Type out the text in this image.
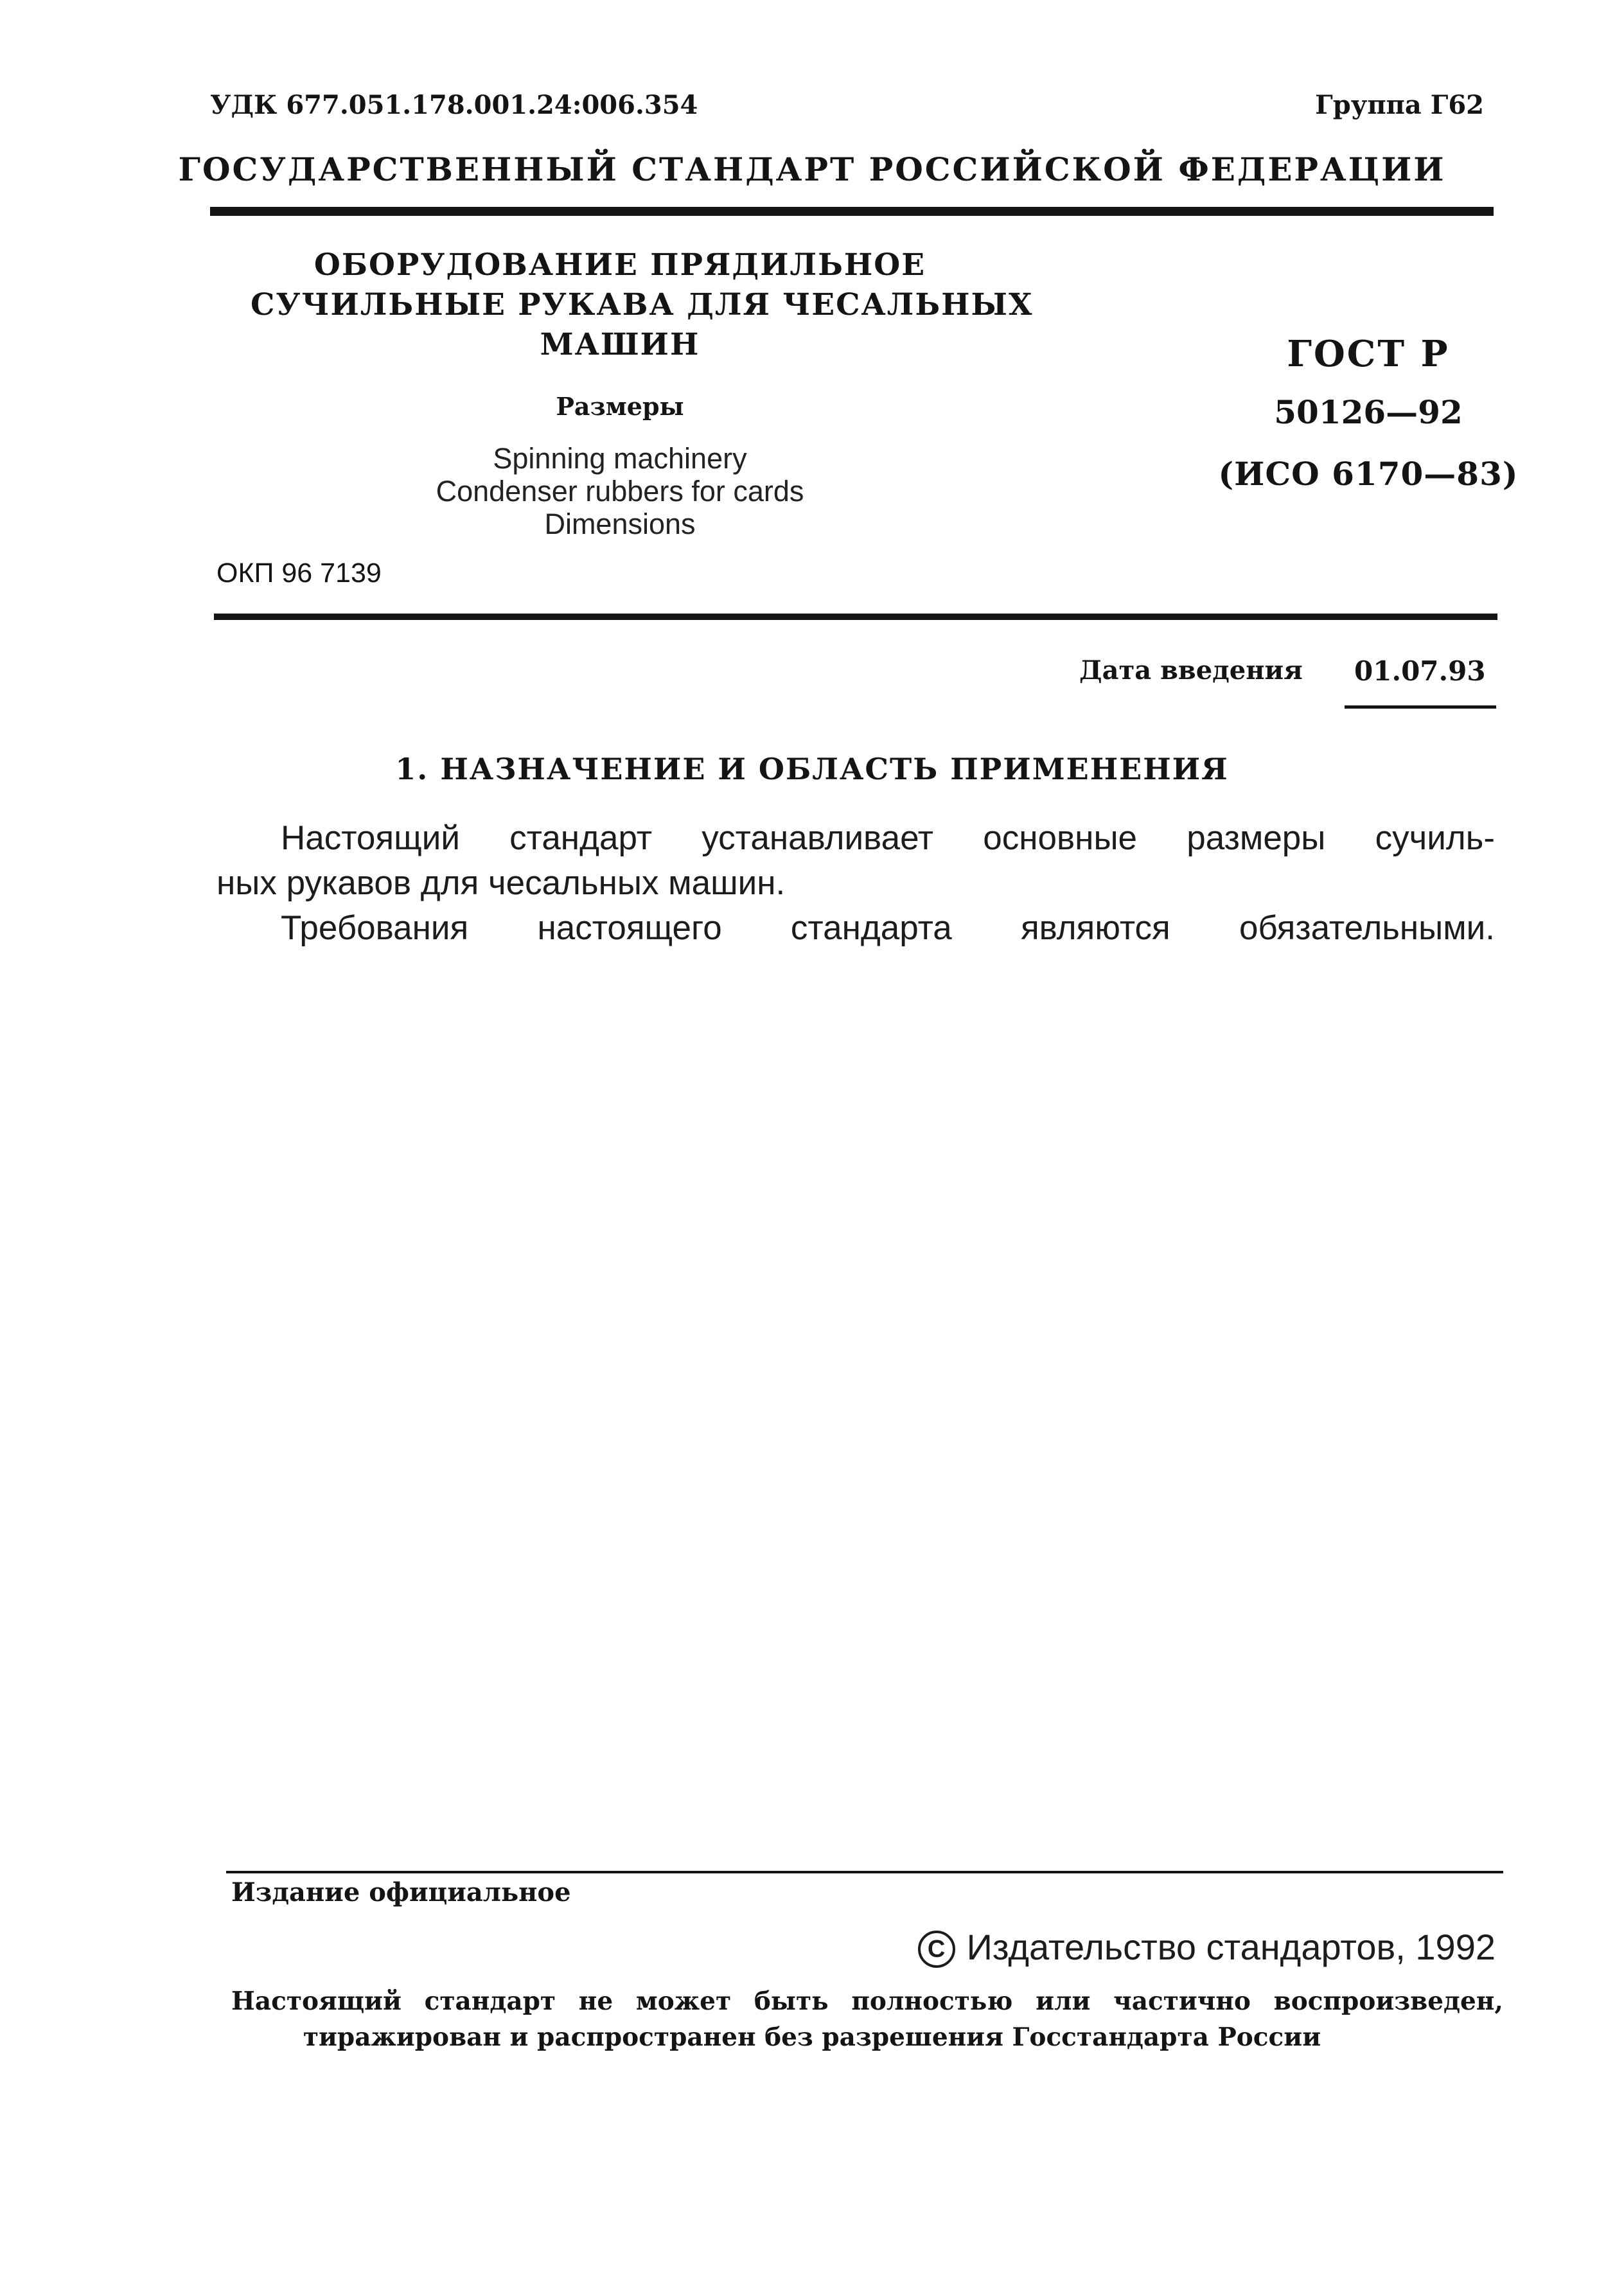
УДК 677.051.178.001.24:006.354	Группа Г62
ГОСУДАРСТВЕННЫЙ СТАНДАРТ РОССИЙСКОЙ ФЕДЕРАЦИИ
ОБОРУДОВАНИЕ ПРЯДИЛЬНОЕ
СУЧИЛЬНЫЕ РУКАВА ДЛЯ ЧЕСАЛЬНЫХ
МАШИН
Размеры
Spinning machinery
Condenser rubbers for cards
Dimensions
ГОСТ Р
50126—92
(ИСО 6170—83)
ОКП 96 7139
Дата введения 01.07.93
1. НАЗНАЧЕНИЕ И ОБЛАСТЬ ПРИМЕНЕНИЯ
Настоящий стандарт устанавливает основные размеры сучиль-
ных рукавов для чесальных машин.
Требования настоящего стандарта являются обязательными.
Издание официальное
С Издательство стандартов, 1992
Настоящий стандарт не может быть полностью или частично воспроизведен,
тиражирован и распространен без разрешения Госстандарта России
